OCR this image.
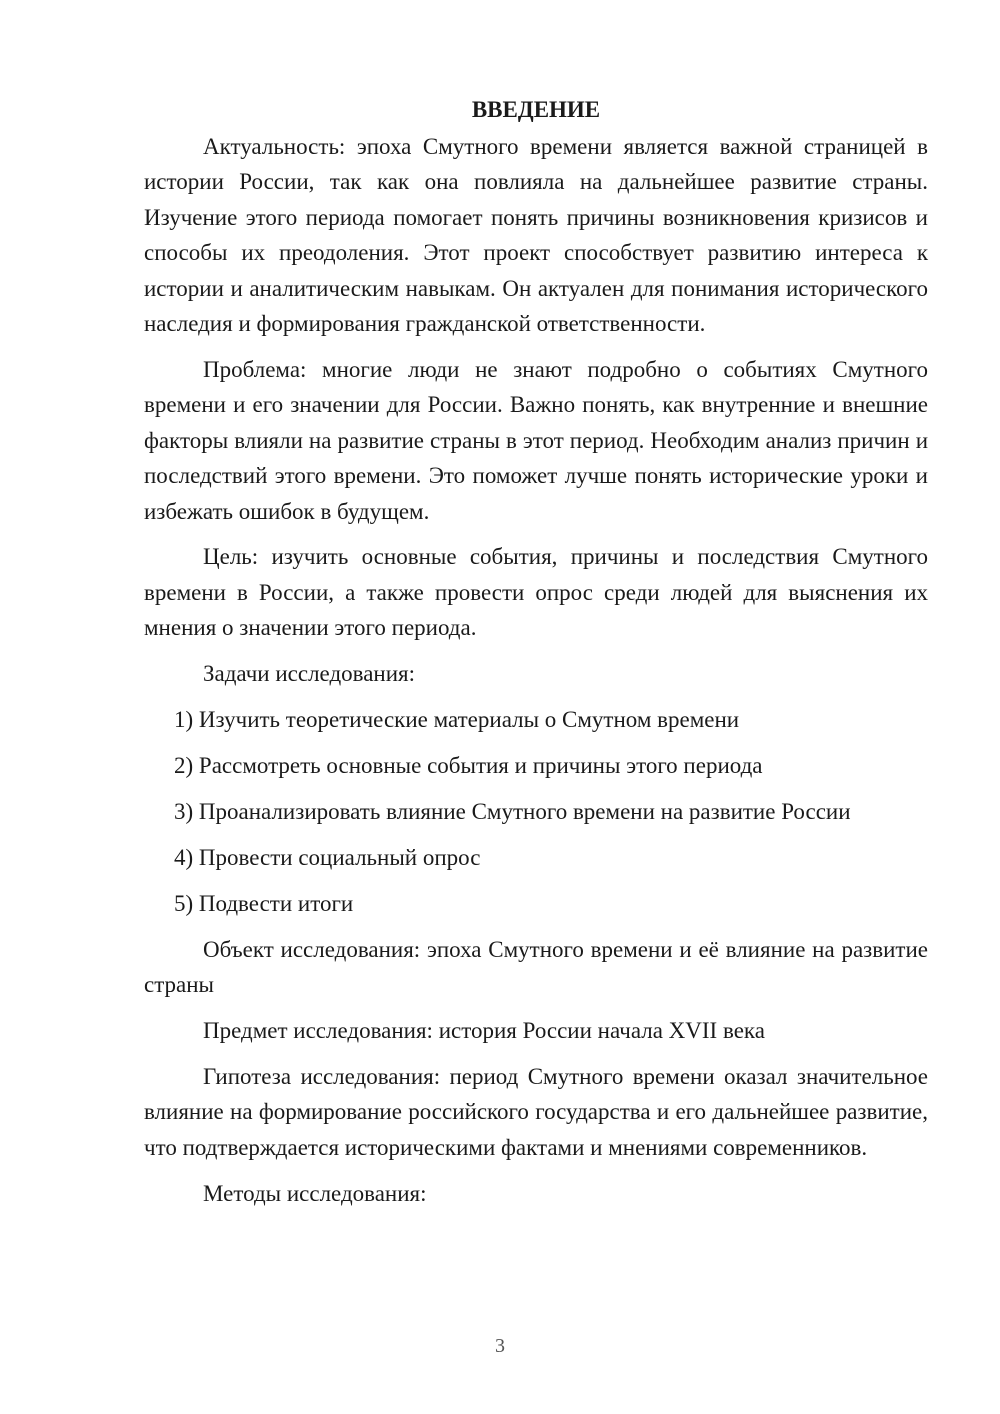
ВВЕДЕНИЕ

Актуальность: эпоха Смутного времени является важной страницей в истории России, так как она повлияла на дальнейшее развитие страны. Изучение этого периода помогает понять причины возникновения кризисов и способы их преодоления. Этот проект способствует развитию интереса к истории и аналитическим навыкам. Он актуален для понимания исторического наследия и формирования гражданской ответственности.

Проблема: многие люди не знают подробно о событиях Смутного времени и его значении для России. Важно понять, как внутренние и внешние факторы влияли на развитие страны в этот период. Необходим анализ причин и последствий этого времени. Это поможет лучше понять исторические уроки и избежать ошибок в будущем.

Цель: изучить основные события, причины и последствия Смутного времени в России, а также провести опрос среди людей для выяснения их мнения о значении этого периода.

Задачи исследования:

1) Изучить теоретические материалы о Смутном времени
2) Рассмотреть основные события и причины этого периода
3) Проанализировать влияние Смутного времени на развитие России
4) Провести социальный опрос
5) Подвести итоги

Объект исследования: эпоха Смутного времени и её влияние на развитие страны

Предмет исследования: история России начала XVII века

Гипотеза исследования: период Смутного времени оказал значительное влияние на формирование российского государства и его дальнейшее развитие, что подтверждается историческими фактами и мнениями современников.

Методы исследования:

3
